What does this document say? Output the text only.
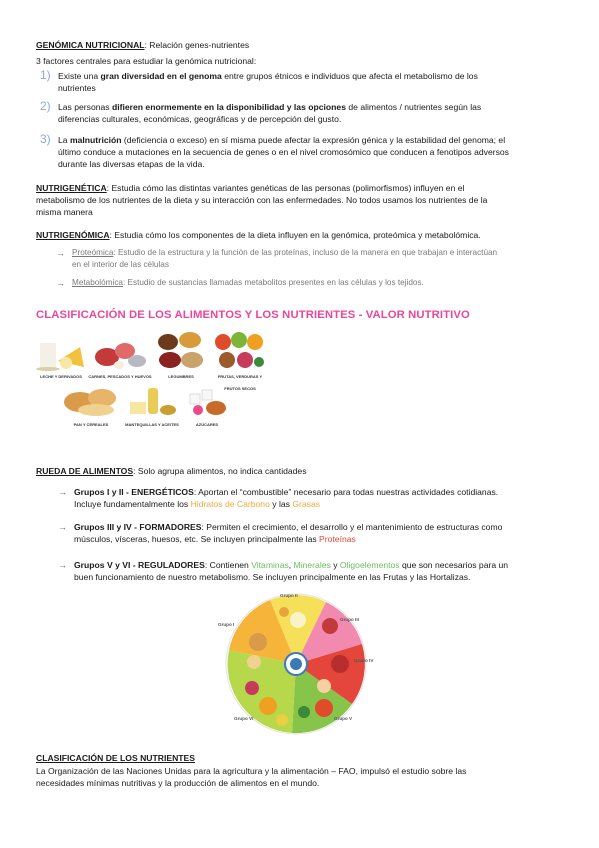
GENÓMICA NUTRICIONAL: Relación genes-nutrientes
3 factores centrales para estudiar la genómica nutricional:
1) Existe una gran diversidad en el genoma entre grupos étnicos e individuos que afecta el metabolismo de los
nutrientes
2) Las personas difieren enormemente en la disponibilidad y las opciones de alimentos / nutrientes según las
diferencias culturales, económicas, geográficas y de percepción del gusto.
3) La malnutrición (deficiencia o exceso) en sí misma puede afectar la expresión génica y la estabilidad del genoma; el
último conduce a mutaciones en la secuencia de genes o en el nivel cromosómico que conducen a fenotipos adversos
durante las diversas etapas de la vida.
NUTRIGENÉTICA: Estudia cómo las distintas variantes genéticas de las personas (polimorfismos) influyen en el
metabolismo de los nutrientes de la dieta y su interacción con las enfermedades. No todos usamos los nutrientes de la
misma manera
NUTRIGENÓMICA: Estudia cómo los componentes de la dieta influyen en la genómica, proteómica y metabolómica.
→ Proteómica: Estudio de la estructura y la función de las proteínas, incluso de la manera en que trabajan e interactúan
en el interior de las células
→ Metabolómica: Estudio de sustancias llamadas metabolitos presentes en las células y los tejidos.
CLASIFICACIÓN DE LOS ALIMENTOS Y LOS NUTRIENTES - VALOR NUTRITIVO
LECHE Y DERIVADOS	CARNES, PESCADOS Y HUEVOS	LEGUMBRES	FRUTAS, VERDURAS Y FRUTOS SECOS
PAN Y CEREALES	MANTEQUILLAS Y ACEITES	AZÚCARES
RUEDA DE ALIMENTOS: Solo agrupa alimentos, no indica cantidades
→ Grupos I y II - ENERGÉTICOS: Aportan el “combustible” necesario para todas nuestras actividades cotidianas.
Incluye fundamentalmente los Hidratos de Carbono y las Grasas
→ Grupos III y IV - FORMADORES: Permiten el crecimiento, el desarrollo y el mantenimiento de estructuras como
músculos, vísceras, huesos, etc. Se incluyen principalmente las Proteínas
→ Grupos V y VI - REGULADORES: Contienen Vitaminas, Minerales y Oligoelementos que son necesarios para un
buen funcionamiento de nuestro metabolismo. Se incluyen principalmente en las Frutas y las Hortalizas.
Grupo II
Grupo I
Grupo III
Grupo IV
Grupo V
Grupo VI
CLASIFICACIÓN DE LOS NUTRIENTES
La Organización de las Naciones Unidas para la agricultura y la alimentación – FAO, impulsó el estudio sobre las
necesidades mínimas nutritivas y la producción de alimentos en el mundo.
